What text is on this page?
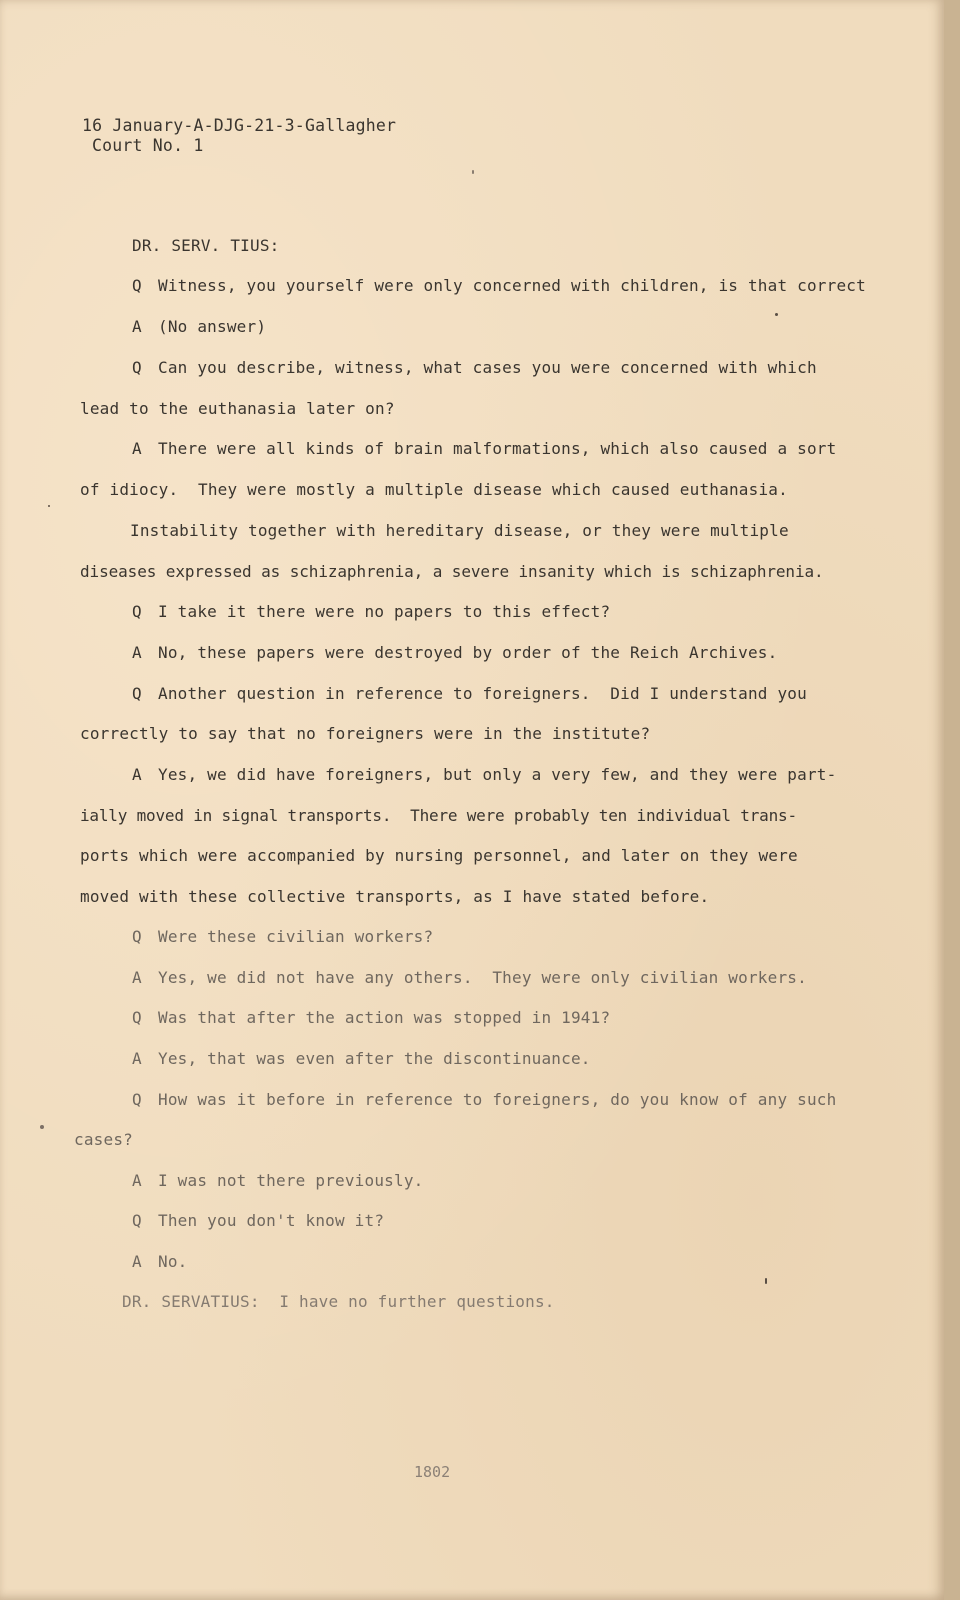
16 January-A-DJG-21-3-Gallagher
Court No. 1
DR. SERV. TIUS:
Q Witness, you yourself were only concerned with children, is that correct
A (No answer)
Q Can you describe, witness, what cases you were concerned with which
lead to the euthanasia later on?
A There were all kinds of brain malformations, which also caused a sort
of idiocy.  They were mostly a multiple disease which caused euthanasia.
Instability together with hereditary disease, or they were multiple
diseases expressed as schizaphrenia, a severe insanity which is schizaphrenia.
Q I take it there were no papers to this effect?
A No, these papers were destroyed by order of the Reich Archives.
Q Another question in reference to foreigners.  Did I understand you
correctly to say that no foreigners were in the institute?
A Yes, we did have foreigners, but only a very few, and they were part-
ially moved in signal transports.  There were probably ten individual trans-
ports which were accompanied by nursing personnel, and later on they were
moved with these collective transports, as I have stated before.
Q Were these civilian workers?
A Yes, we did not have any others.  They were only civilian workers.
Q Was that after the action was stopped in 1941?
A Yes, that was even after the discontinuance.
Q How was it before in reference to foreigners, do you know of any such
cases?
A I was not there previously.
Q Then you don't know it?
A No.
DR. SERVATIUS:  I have no further questions.
1802
